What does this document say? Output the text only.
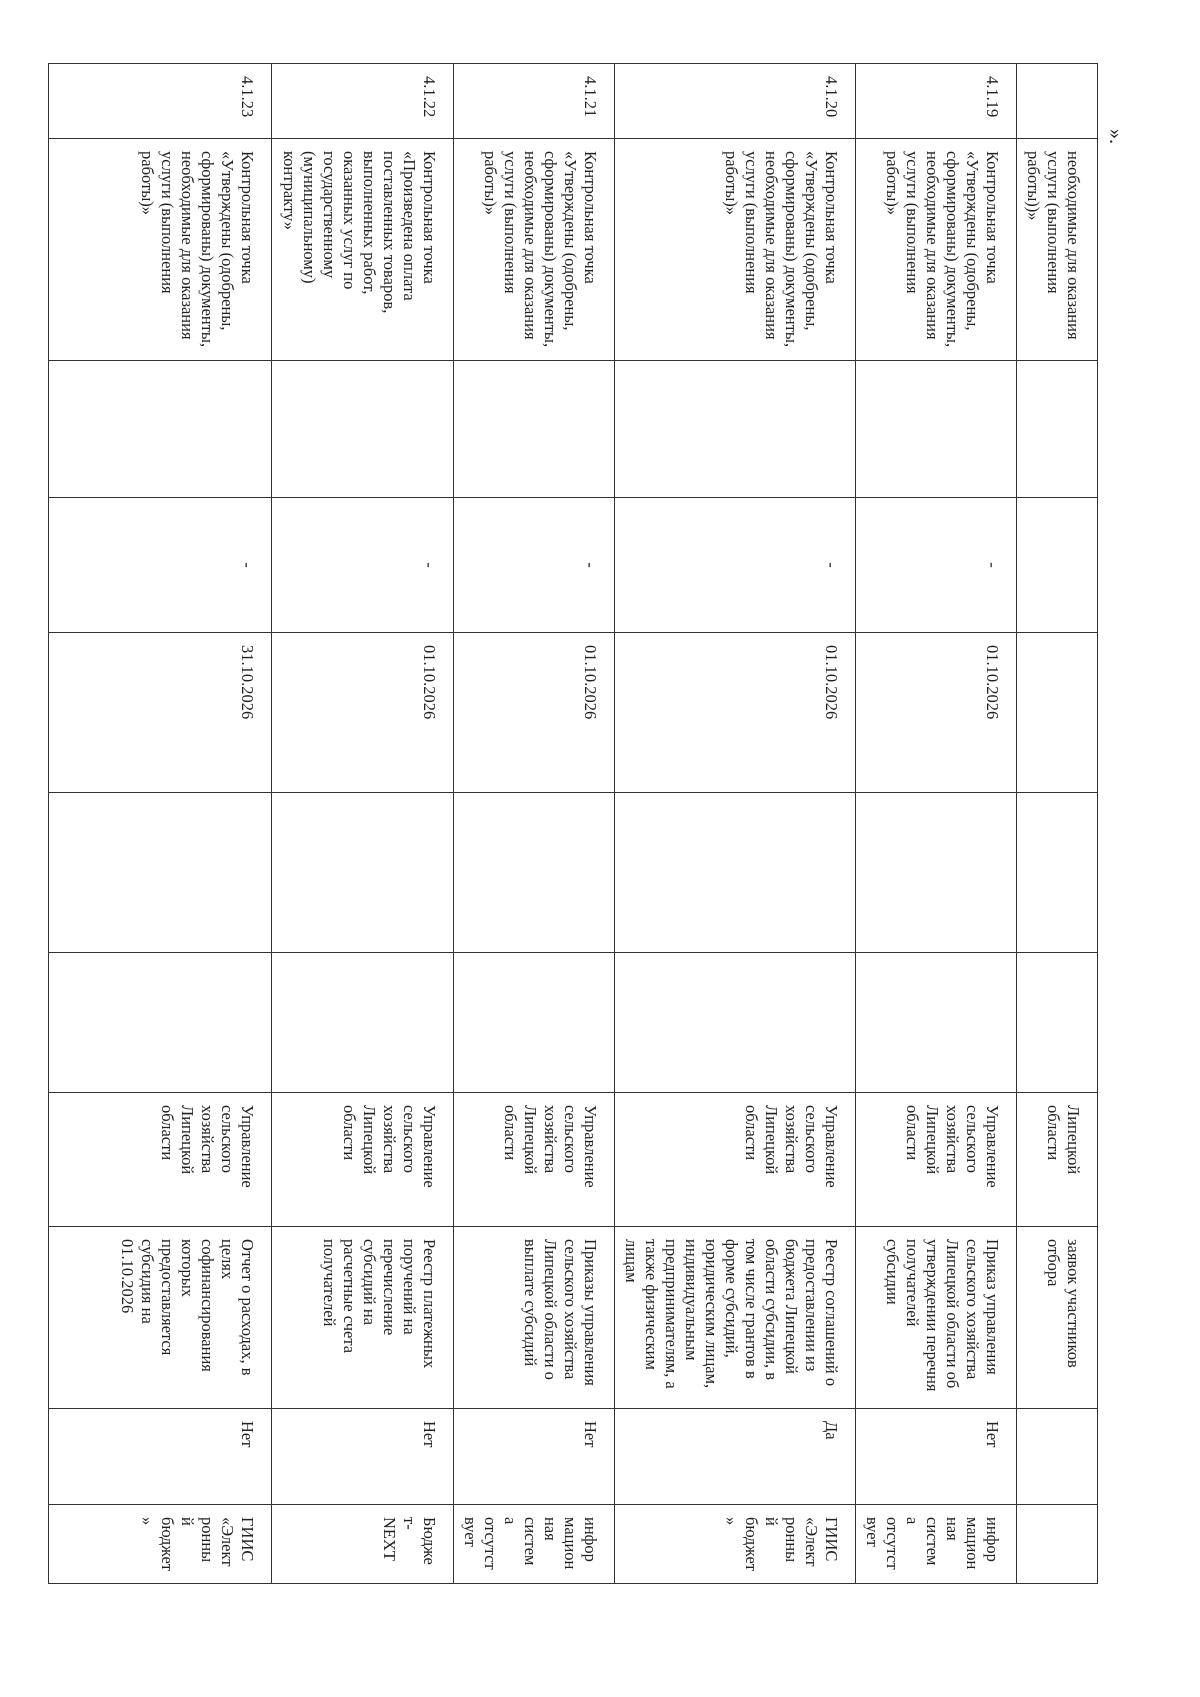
	необходимые для оказания услуги (выполнения работы))»						Липецкой области	заявок участников отбора		
4.1.19	Контрольная точка «Утверждены (одобрены, сформированы) документы, необходимые для оказания услуги (выполнения работы)»		-	01.10.2026			Управление сельского хозяйства Липецкой области	Приказ управления сельского хозяйства Липецкой области об утверждении перечня получателей субсидии	Нет	информационная система отсутствует
4.1.20	Контрольная точка «Утверждены (одобрены, сформированы) документы, необходимые для оказания услуги (выполнения работы)»		-	01.10.2026			Управление сельского хозяйства Липецкой области	Реестр соглашений о предоставлении из бюджета Липецкой области субсидии, в том числе грантов в форме субсидий, юридическим лицам, индивидуальным предпринимателям, а также физическим лицам	Да	ГИИС «Электронный бюджет»
4.1.21	Контрольная точка «Утверждены (одобрены, сформированы) документы, необходимые для оказания услуги (выполнения работы)»		-	01.10.2026			Управление сельского хозяйства Липецкой области	Приказы управления сельского хозяйства Липецкой области о выплате субсидий	Нет	информационная система отсутствует
4.1.22	Контрольная точка «Произведена оплата поставленных товаров, выполненных работ, оказанных услуг по государственному (муниципальному) контракту»		-	01.10.2026			Управление сельского хозяйства Липецкой области	Реестр платежных поручений на перечисление субсидий на расчетные счета получателей	Нет	Бюджет-NEXT
4.1.23	Контрольная точка «Утверждены (одобрены, сформированы) документы, необходимые для оказания услуги (выполнения работы)»		-	31.10.2026			Управление сельского хозяйства Липецкой области	Отчет о расходах, в целях софинансирования которых предоставляется субсидия на 01.10.2026	Нет	ГИИС «Электронный бюджет»
».
